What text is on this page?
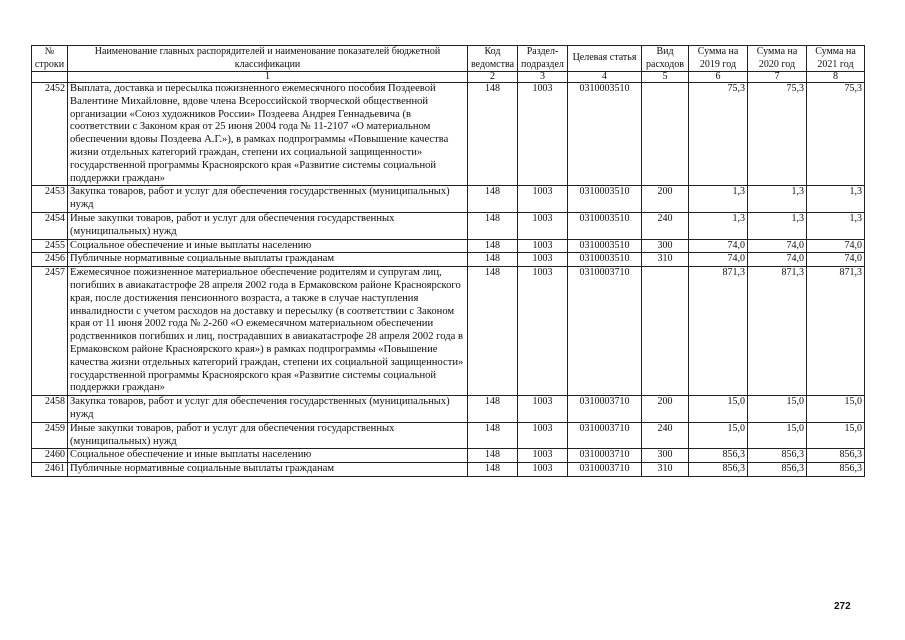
№ строки	Наименование главных распорядителей и наименование показателей бюджетной классификации	Код ведомства	Раздел-подраздел	Целевая статья	Вид расходов	Сумма на 2019 год	Сумма на 2020 год	Сумма на 2021 год
	1	2	3	4	5	6	7	8
2452	Выплата, доставка и пересылка пожизненного ежемесячного пособия Поздеевой Валентине Михайловне, вдове члена Всероссийской творческой общественной организации «Союз художников России» Поздеева Андрея Геннадьевича (в соответствии с Законом края от 25 июня 2004 года № 11-2107 «О материальном обеспечении вдовы Поздеева А.Г.»), в рамках подпрограммы «Повышение качества жизни отдельных категорий граждан, степени их социальной защищенности» государственной программы Красноярского края «Развитие системы социальной поддержки граждан»	148	1003	0310003510		75,3	75,3	75,3
2453	Закупка товаров, работ и услуг для обеспечения государственных (муниципальных) нужд	148	1003	0310003510	200	1,3	1,3	1,3
2454	Иные закупки товаров, работ и услуг для обеспечения государственных (муниципальных) нужд	148	1003	0310003510	240	1,3	1,3	1,3
2455	Социальное обеспечение и иные выплаты населению	148	1003	0310003510	300	74,0	74,0	74,0
2456	Публичные нормативные социальные выплаты гражданам	148	1003	0310003510	310	74,0	74,0	74,0
2457	Ежемесячное пожизненное материальное обеспечение родителям и супругам лиц, погибших в авиакатастрофе 28 апреля 2002 года в Ермаковском районе Красноярского края, после достижения пенсионного возраста, а также в случае наступления инвалидности с учетом расходов на доставку и пересылку (в соответствии с Законом края от 11 июня 2002 года № 2-260 «О ежемесячном материальном обеспечении родственников погибших и лиц, пострадавших в авиакатастрофе 28 апреля 2002 года в Ермаковском районе Красноярского края») в рамках подпрограммы «Повышение качества жизни отдельных категорий граждан, степени их социальной защищенности» государственной программы Красноярского края «Развитие системы социальной поддержки граждан»	148	1003	0310003710		871,3	871,3	871,3
2458	Закупка товаров, работ и услуг для обеспечения государственных (муниципальных) нужд	148	1003	0310003710	200	15,0	15,0	15,0
2459	Иные закупки товаров, работ и услуг для обеспечения государственных (муниципальных) нужд	148	1003	0310003710	240	15,0	15,0	15,0
2460	Социальное обеспечение и иные выплаты населению	148	1003	0310003710	300	856,3	856,3	856,3
2461	Публичные нормативные социальные выплаты гражданам	148	1003	0310003710	310	856,3	856,3	856,3
272
